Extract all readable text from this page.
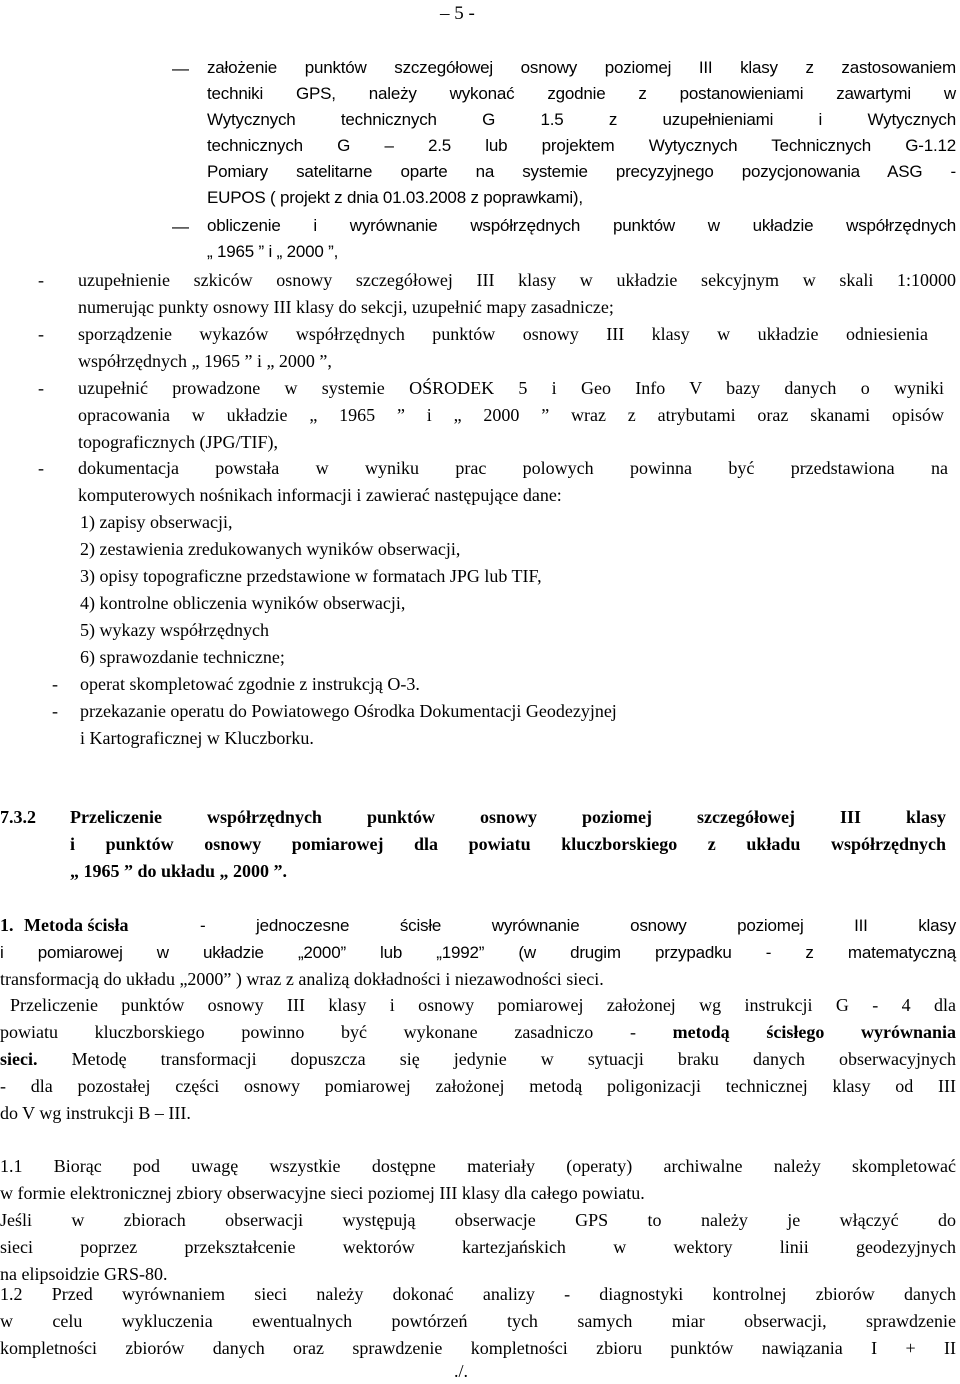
– 5 -
— założenie punktów szczegółowej osnowy poziomej III klasy z zastosowaniem
techniki GPS, należy wykonać zgodnie z postanowieniami zawartymi w
Wytycznych technicznych G 1.5 z uzupełnieniami i Wytycznych
technicznych G – 2.5 lub projektem Wytycznych Technicznych G-1.12
Pomiary satelitarne oparte na systemie precyzyjnego pozycjonowania ASG -
EUPOS ( projekt z dnia 01.03.2008 z poprawkami),
— obliczenie i wyrównanie współrzędnych punktów w układzie współrzędnych
„ 1965 ” i „ 2000 ”,
- uzupełnienie szkiców osnowy szczegółowej III klasy w układzie sekcyjnym w skali 1:10000
numerując punkty osnowy III klasy do sekcji, uzupełnić mapy zasadnicze;
- sporządzenie wykazów współrzędnych punktów osnowy III klasy w układzie odniesienia
współrzędnych „ 1965 ” i „ 2000 ”,
- uzupełnić prowadzone w systemie OŚRODEK 5 i Geo Info V bazy danych o wyniki
opracowania w układzie „ 1965 ” i „ 2000 ” wraz z atrybutami oraz skanami opisów
topograficznych (JPG/TIF),
- dokumentacja powstała w wyniku prac polowych powinna być przedstawiona na
komputerowych nośnikach informacji i zawierać następujące dane:
1) zapisy obserwacji,
2) zestawienia zredukowanych wyników obserwacji,
3) opisy topograficzne przedstawione w formatach JPG lub TIF,
4) kontrolne obliczenia wyników obserwacji,
5) wykazy współrzędnych
6) sprawozdanie techniczne;
- operat skompletować zgodnie z instrukcją O-3.
- przekazanie operatu do Powiatowego Ośrodka Dokumentacji Geodezyjnej
i Kartograficznej w Kluczborku.
7.3.2 Przeliczenie współrzędnych punktów osnowy poziomej szczegółowej III klasy
i punktów osnowy pomiarowej dla powiatu kluczborskiego z układu współrzędnych
„ 1965 ” do układu „ 2000 ”.
1. Metoda ścisła	- jednoczesne ścisłe wyrównanie osnowy poziomej III klasy
i pomiarowej w układzie „2000” lub „1992” (w drugim przypadku - z matematyczną
transformacją do układu „2000” ) wraz z analizą dokładności i niezawodności sieci.
Przeliczenie punktów osnowy III klasy i osnowy pomiarowej założonej wg instrukcji G - 4 dla
powiatu kluczborskiego powinno być wykonane zasadniczo - metodą ścisłego wyrównania
sieci. Metodę transformacji dopuszcza się jedynie w sytuacji braku danych obserwacyjnych
- dla pozostałej części osnowy pomiarowej założonej metodą poligonizacji technicznej klasy od III
do V wg instrukcji B – III.
1.1 Biorąc pod uwagę wszystkie dostępne materiały (operaty) archiwalne należy skompletować
w formie elektronicznej zbiory obserwacyjne sieci poziomej III klasy dla całego powiatu.
Jeśli w zbiorach obserwacji występują obserwacje GPS to należy je włączyć do
sieci poprzez przekształcenie wektorów kartezjańskich w wektory linii geodezyjnych
na elipsoidzie GRS-80.
1.2 Przed wyrównaniem sieci należy dokonać analizy - diagnostyki kontrolnej zbiorów danych
w celu wykluczenia ewentualnych powtórzeń tych samych miar obserwacji, sprawdzenie
kompletności zbiorów danych oraz sprawdzenie kompletności zbioru punktów nawiązania I + II
./.
